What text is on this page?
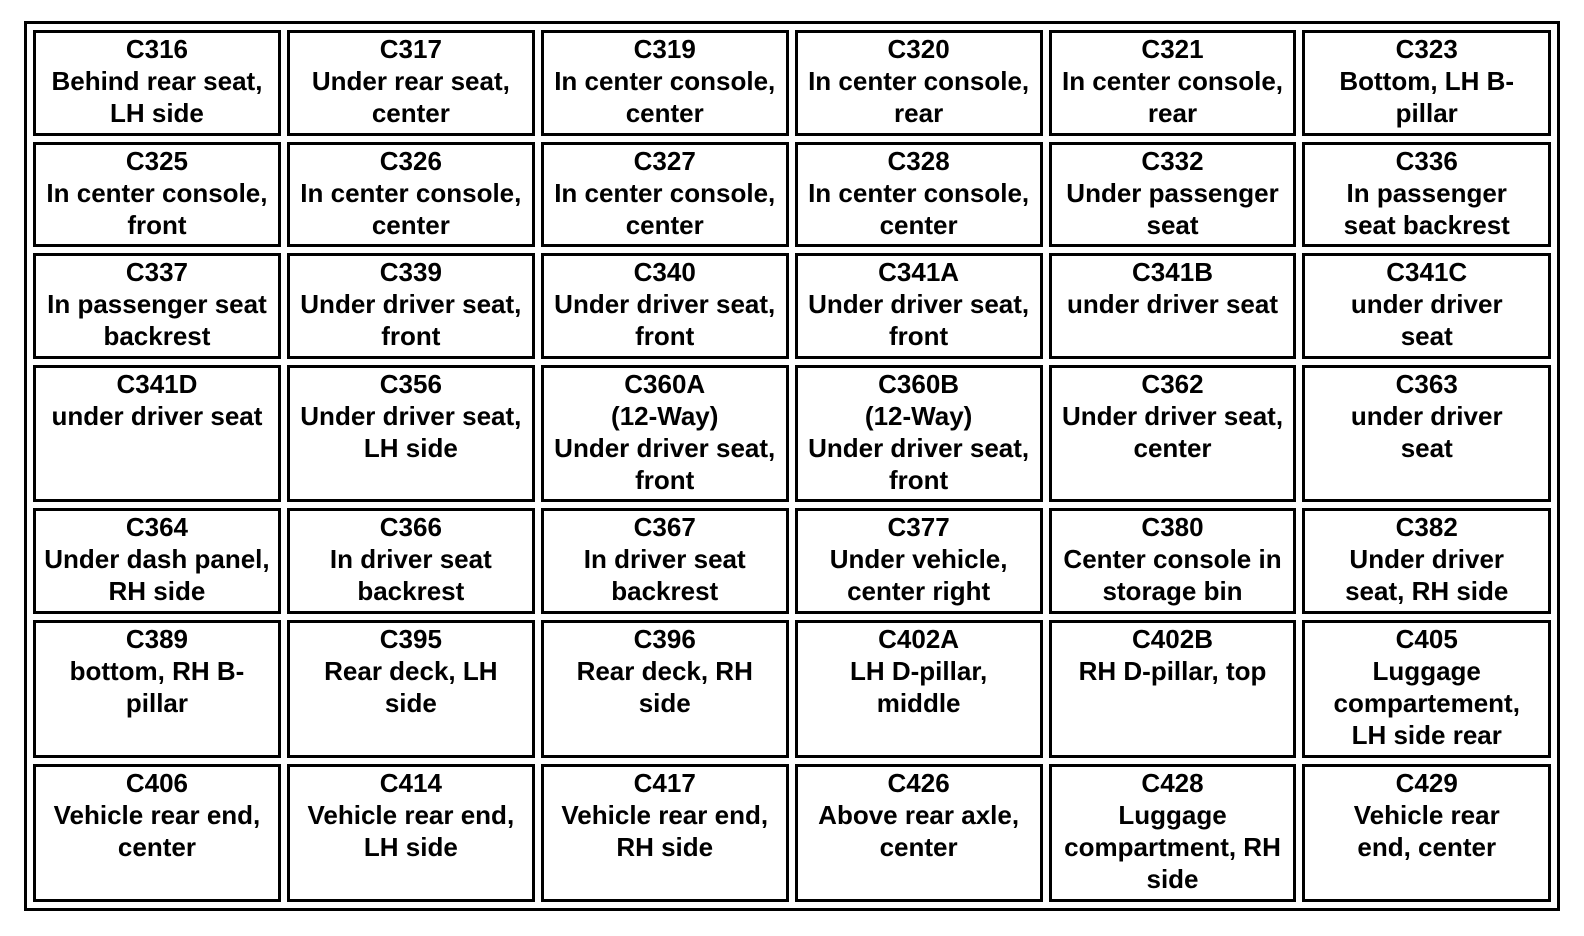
C316
Behind rear seat,
LH side	C317
Under rear seat,
center	C319
In center console,
center	C320
In center console,
rear	C321
In center console,
rear	C323
Bottom, LH B-
pillar

C325
In center console,
front	C326
In center console,
center	C327
In center console,
center	C328
In center console,
center	C332
Under passenger
seat	C336
In passenger
seat backrest

C337
In passenger seat
backrest	C339
Under driver seat,
front	C340
Under driver seat,
front	C341A
Under driver seat,
front	C341B
under driver seat	C341C
under driver
seat

C341D
under driver seat	C356
Under driver seat,
LH side	C360A
(12-Way)
Under driver seat,
front	C360B
(12-Way)
Under driver seat,
front	C362
Under driver seat,
center	C363
under driver
seat

C364
Under dash panel,
RH side	C366
In driver seat
backrest	C367
In driver seat
backrest	C377
Under vehicle,
center right	C380
Center console in
storage bin	C382
Under driver
seat, RH side

C389
bottom, RH B-
pillar	C395
Rear deck, LH
side	C396
Rear deck, RH
side	C402A
LH D-pillar,
middle	C402B
RH D-pillar, top	C405
Luggage
compartement,
LH side rear

C406
Vehicle rear end,
center	C414
Vehicle rear end,
LH side	C417
Vehicle rear end,
RH side	C426
Above rear axle,
center	C428
Luggage
compartment, RH
side	C429
Vehicle rear
end, center
